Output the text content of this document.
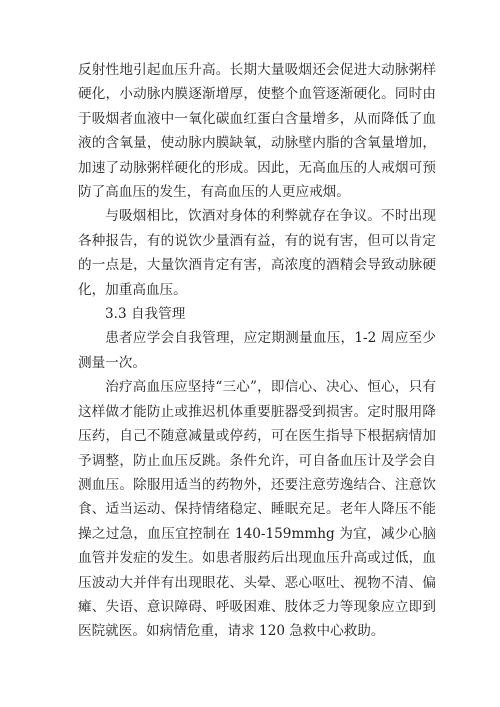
反射性地引起血压升高。长期大量吸烟还会促进大动脉粥样硬化，小动脉内膜逐渐增厚，使整个血管逐渐硬化。同时由于吸烟者血液中一氧化碳血红蛋白含量增多，从而降低了血液的含氧量，使动脉内膜缺氧，动脉壁内脂的含氧量增加，加速了动脉粥样硬化的形成。因此，无高血压的人戒烟可预防了高血压的发生，有高血压的人更应戒烟。

与吸烟相比，饮酒对身体的利弊就存在争议。不时出现各种报告，有的说饮少量酒有益，有的说有害，但可以肯定的一点是，大量饮酒肯定有害，高浓度的酒精会导致动脉硬化，加重高血压。

3.3 自我管理

患者应学会自我管理，应定期测量血压，1-2 周应至少测量一次。

治疗高血压应坚持“三心”，即信心、决心、恒心，只有这样做才能防止或推迟机体重要脏器受到损害。定时服用降压药，自己不随意减量或停药，可在医生指导下根据病情加予调整，防止血压反跳。条件允许，可自备血压计及学会自测血压。除服用适当的药物外，还要注意劳逸结合、注意饮食、适当运动、保持情绪稳定、睡眠充足。老年人降压不能操之过急，血压宜控制在 140-159mmhg 为宜，减少心脑血管并发症的发生。如患者服药后出现血压升高或过低，血压波动大并伴有出现眼花、头晕、恶心呕吐、视物不清、偏瘫、失语、意识障碍、呼吸困难、肢体乏力等现象应立即到医院就医。如病情危重，请求 120 急救中心救助。
